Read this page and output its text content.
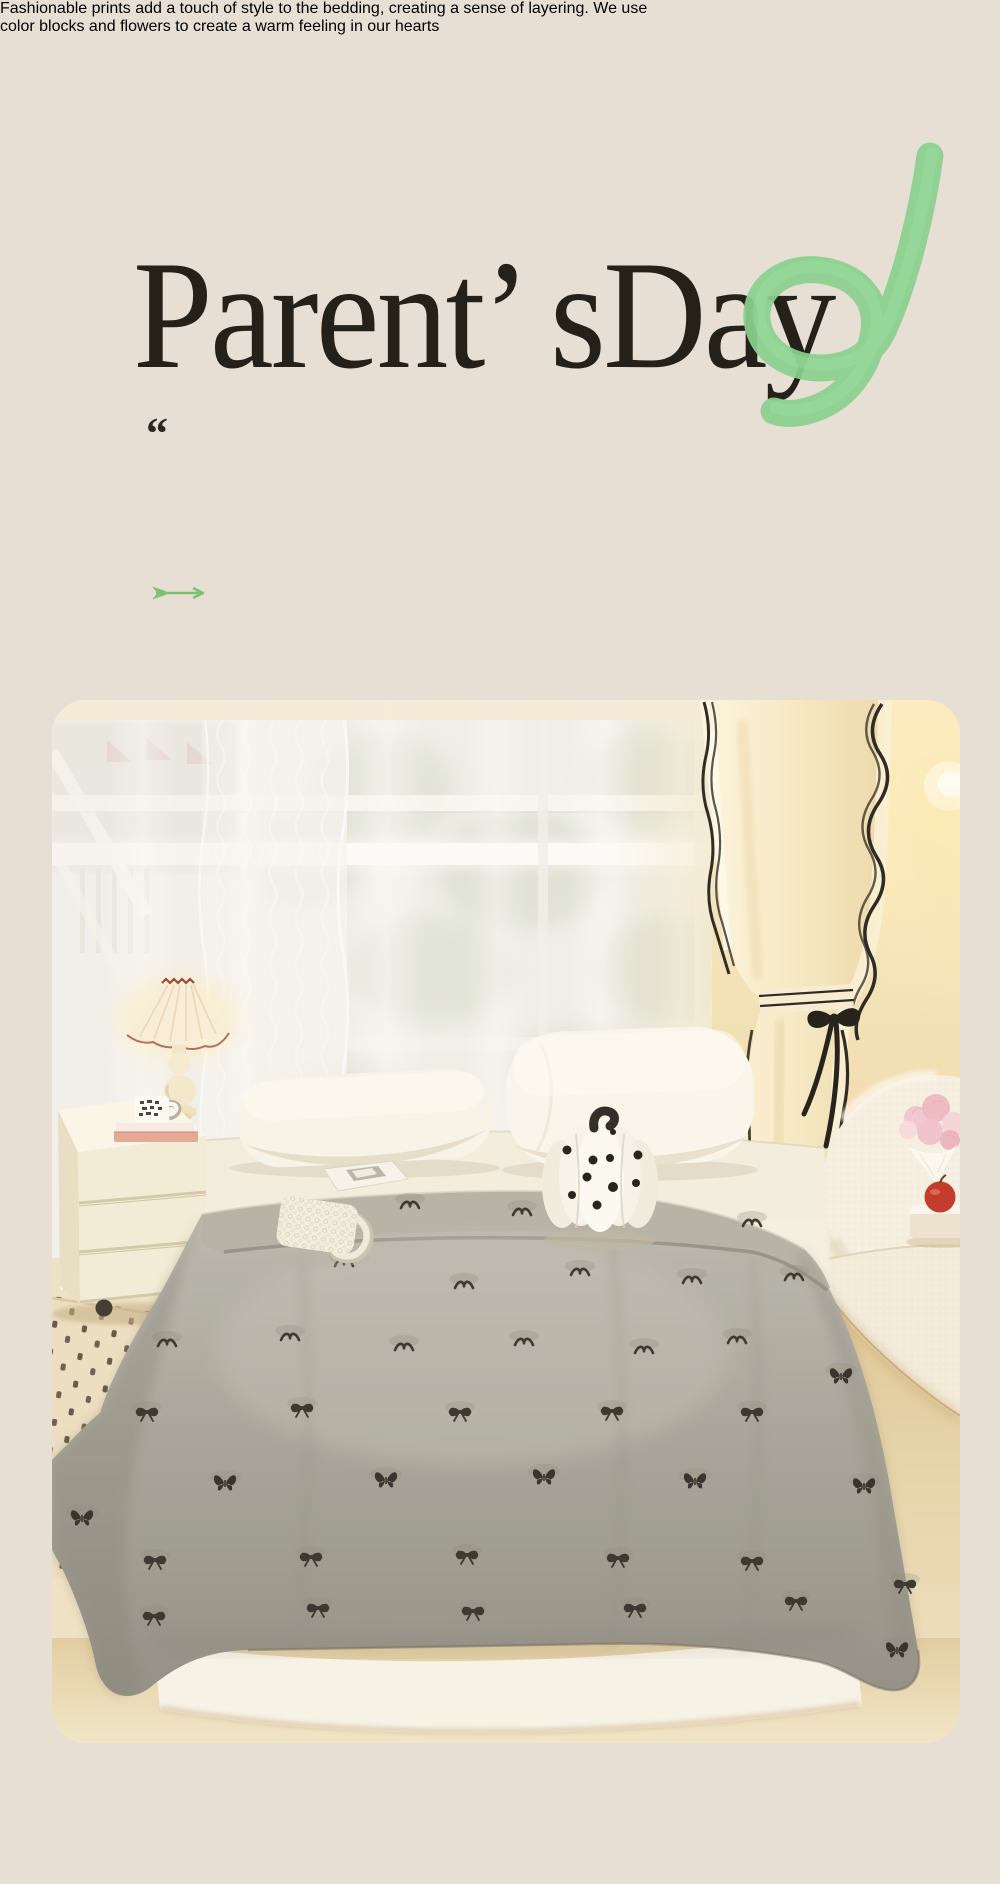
Parent’ sDay
“

Fashionable prints add a touch of style to the bedding, creating a sense of layering. We use
color blocks and flowers to create a warm feeling in our hearts
